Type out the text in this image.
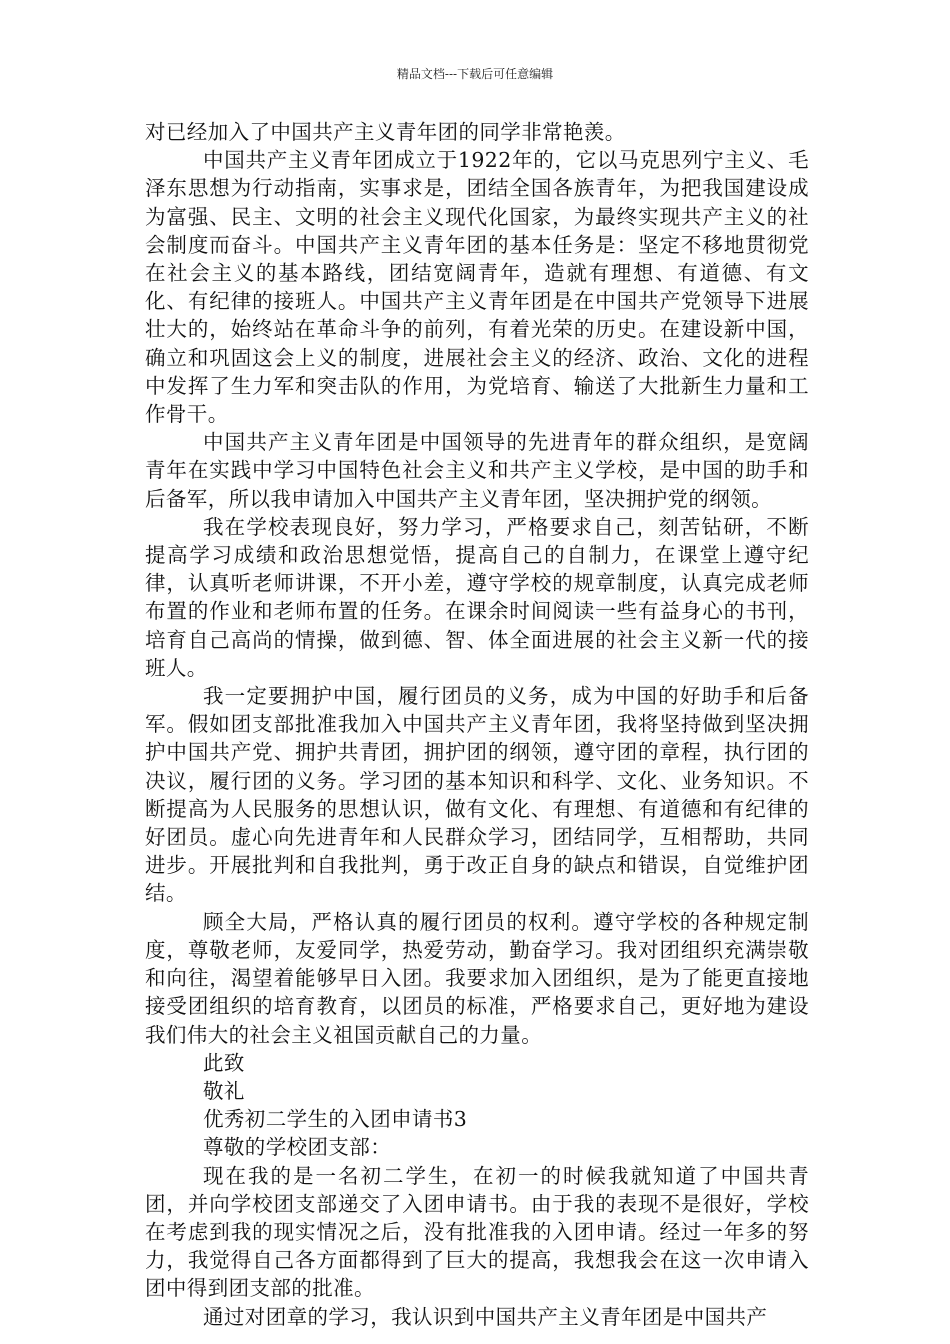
精品文档---下载后可任意编辑

对已经加入了中国共产主义青年团的同学非常艳羡。

中国共产主义青年团成立于1922年的，它以马克思列宁主义、毛泽东思想为行动指南，实事求是，团结全国各族青年，为把我国建设成为富强、民主、文明的社会主义现代化国家，为最终实现共产主义的社会制度而奋斗。中国共产主义青年团的基本任务是：坚定不移地贯彻党在社会主义的基本路线，团结宽阔青年，造就有理想、有道德、有文化、有纪律的接班人。中国共产主义青年团是在中国共产党领导下进展壮大的，始终站在革命斗争的前列，有着光荣的历史。在建设新中国，确立和巩固这会上义的制度，进展社会主义的经济、政治、文化的进程中发挥了生力军和突击队的作用，为党培育、输送了大批新生力量和工作骨干。

中国共产主义青年团是中国领导的先进青年的群众组织，是宽阔青年在实践中学习中国特色社会主义和共产主义学校，是中国的助手和后备军，所以我申请加入中国共产主义青年团，坚决拥护党的纲领。

我在学校表现良好，努力学习，严格要求自己，刻苦钻研，不断提高学习成绩和政治思想觉悟，提高自己的自制力，在课堂上遵守纪律，认真听老师讲课，不开小差，遵守学校的规章制度，认真完成老师布置的作业和老师布置的任务。在课余时间阅读一些有益身心的书刊，培育自己高尚的情操，做到德、智、体全面进展的社会主义新一代的接班人。

我一定要拥护中国，履行团员的义务，成为中国的好助手和后备军。假如团支部批准我加入中国共产主义青年团，我将坚持做到坚决拥护中国共产党、拥护共青团，拥护团的纲领，遵守团的章程，执行团的决议，履行团的义务。学习团的基本知识和科学、文化、业务知识。不断提高为人民服务的思想认识，做有文化、有理想、有道德和有纪律的好团员。虚心向先进青年和人民群众学习，团结同学，互相帮助，共同进步。开展批判和自我批判，勇于改正自身的缺点和错误，自觉维护团结。

顾全大局，严格认真的履行团员的权利。遵守学校的各种规定制度，尊敬老师，友爱同学，热爱劳动，勤奋学习。我对团组织充满崇敬和向往，渴望着能够早日入团。我要求加入团组织，是为了能更直接地接受团组织的培育教育，以团员的标准，严格要求自己，更好地为建设我们伟大的社会主义祖国贡献自己的力量。

此致

敬礼

优秀初二学生的入团申请书3

尊敬的学校团支部：

现在我的是一名初二学生，在初一的时候我就知道了中国共青团，并向学校团支部递交了入团申请书。由于我的表现不是很好，学校在考虑到我的现实情况之后，没有批准我的入团申请。经过一年多的努力，我觉得自己各方面都得到了巨大的提高，我想我会在这一次申请入团中得到团支部的批准。

通过对团章的学习，我认识到中国共产主义青年团是中国共产
